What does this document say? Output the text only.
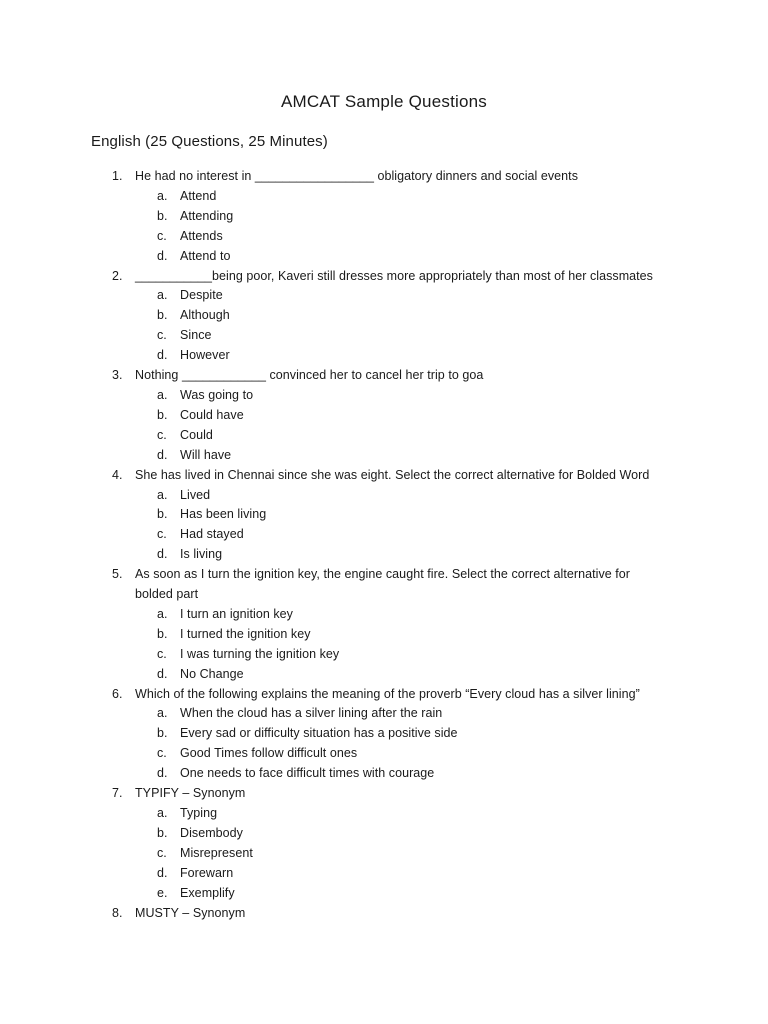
AMCAT Sample Questions
English (25 Questions, 25 Minutes)
1. He had no interest in _________________ obligatory dinners and social events
a. Attend
b. Attending
c.	Attends
d. Attend to
2. ___________being poor, Kaveri still dresses more appropriately than most of her classmates
a. Despite
b. Although
c.	Since
d. However
3. Nothing ____________ convinced her to cancel her trip to goa
a. Was going to
b. Could have
c.	Could
d. Will have
4. She has lived in Chennai since she was eight. Select the correct alternative for Bolded Word
a. Lived
b. Has been living
c.	Had stayed
d. Is living
5. As soon as I turn the ignition key, the engine caught fire. Select the correct alternative for bolded part
a. I turn an ignition key
b. I turned the ignition key
c.	I was turning the ignition key
d. No Change
6. Which of the following explains the meaning of the proverb “Every cloud has a silver lining”
a. When the cloud has a silver lining after the rain
b. Every sad or difficulty situation has a positive side
c.	Good Times follow difficult ones
d. One needs to face difficult times with courage
7. TYPIFY – Synonym
a. Typing
b. Disembody
c.	Misrepresent
d. Forewarn
e. Exemplify
8. MUSTY – Synonym
